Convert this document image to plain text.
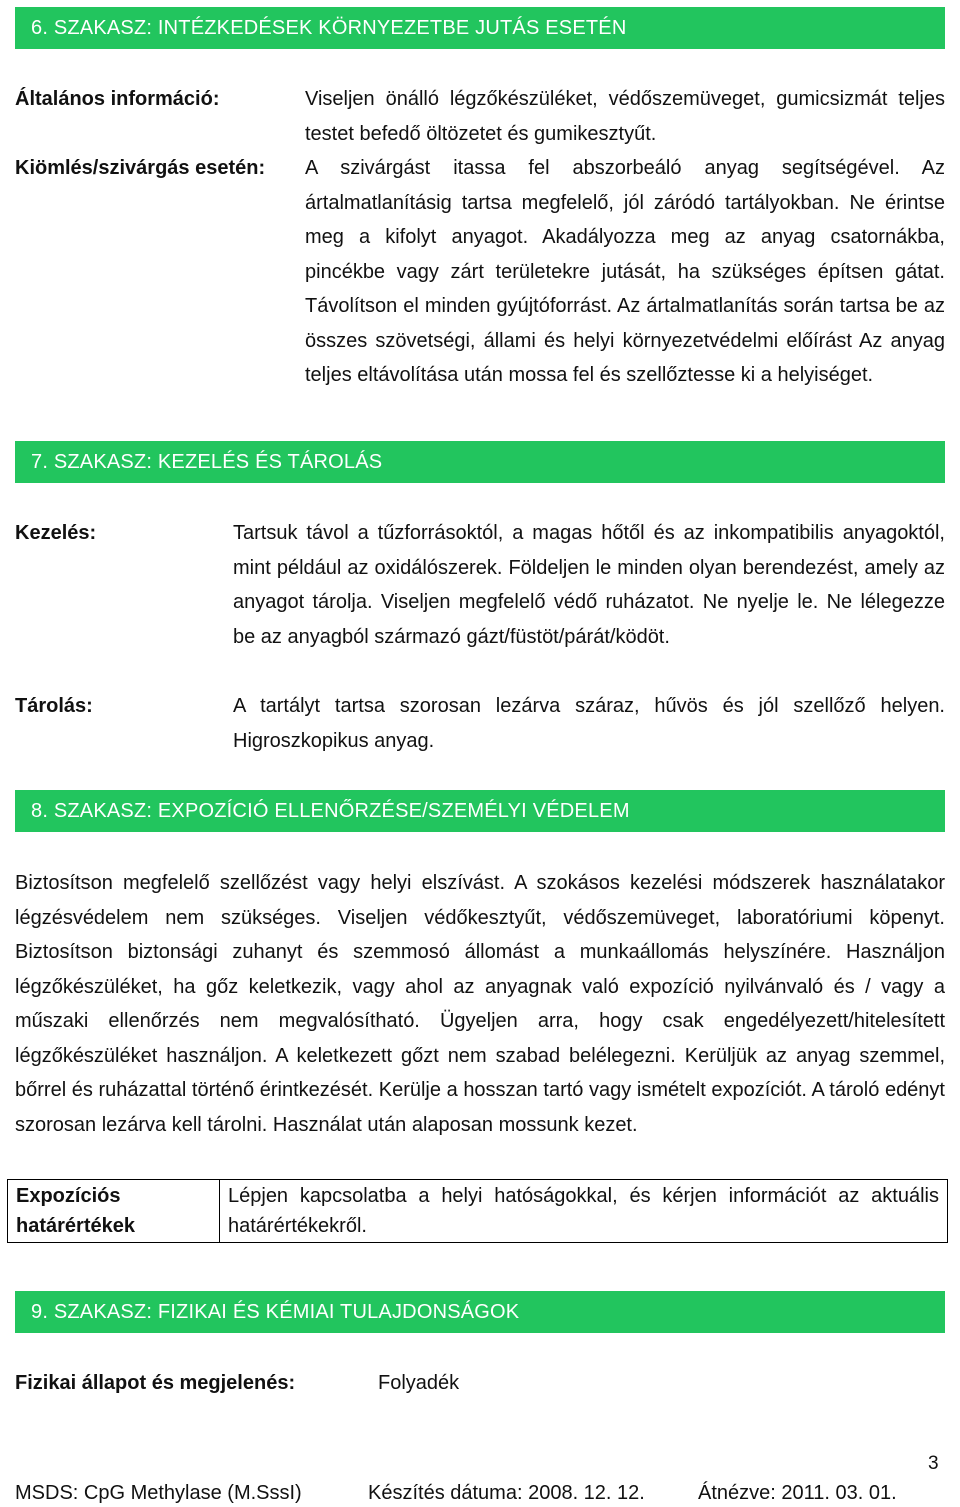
6. SZAKASZ: INTÉZKEDÉSEK KÖRNYEZETBE JUTÁS ESETÉN

Általános információ:	Viseljen önálló légzőkészüléket, védőszemüveget, gumicsizmát teljes testet befedő öltözetet és gumikesztyűt.

Kiömlés/szivárgás esetén: A szivárgást itassa fel abszorbeáló anyag segítségével. Az ártalmatlanításig tartsa megfelelő, jól záródó tartályokban. Ne érintse meg a kifolyt anyagot. Akadályozza meg az anyag csatornákba, pincékbe vagy zárt területekre jutását, ha szükséges építsen gátat. Távolítson el minden gyújtóforrást. Az ártalmatlanítás során tartsa be az összes szövetségi, állami és helyi környezetvédelmi előírást Az anyag teljes eltávolítása után mossa fel és szellőztesse ki a helyiséget.

7. SZAKASZ: KEZELÉS ÉS TÁROLÁS

Kezelés:	Tartsuk távol a tűzforrásoktól, a magas hőtől és az inkompatibilis anyagoktól, mint például az oxidálószerek. Földeljen le minden olyan berendezést, amely az anyagot tárolja. Viseljen megfelelő védő ruházatot. Ne nyelje le. Ne lélegezze be az anyagból származó gázt/füstöt/párát/ködöt.

Tárolás:	A tartályt tartsa szorosan lezárva száraz, hűvös és jól szellőző helyen. Higroszkopikus anyag.

8. SZAKASZ: EXPOZÍCIÓ ELLENŐRZÉSE/SZEMÉLYI VÉDELEM

Biztosítson megfelelő szellőzést vagy helyi elszívást. A szokásos kezelési módszerek használatakor légzésvédelem nem szükséges. Viseljen védőkesztyűt, védőszemüveget, laboratóriumi köpenyt. Biztosítson biztonsági zuhanyt és szemmosó állomást a munkaállomás helyszínére. Használjon légzőkészüléket, ha gőz keletkezik, vagy ahol az anyagnak való expozíció nyilvánvaló és / vagy a műszaki ellenőrzés nem megvalósítható. Ügyeljen arra, hogy csak engedélyezett/hitelesített légzőkészüléket használjon. A keletkezett gőzt nem szabad belélegezni. Kerüljük az anyag szemmel, bőrrel és ruházattal történő érintkezését. Kerülje a hosszan tartó vagy ismételt expozíciót. A tároló edényt szorosan lezárva kell tárolni. Használat után alaposan mossunk kezet.

Expozíciós
határértékek	Lépjen kapcsolatba a helyi hatóságokkal, és kérjen információt az aktuális határértékekről.
9. SZAKASZ: FIZIKAI ÉS KÉMIAI TULAJDONSÁGOK

Fizikai állapot és megjelenés:	Folyadék

3
MSDS: CpG Methylase (M.SssI)	Készítés dátuma: 2008. 12. 12.	Átnézve: 2011. 03. 01.
